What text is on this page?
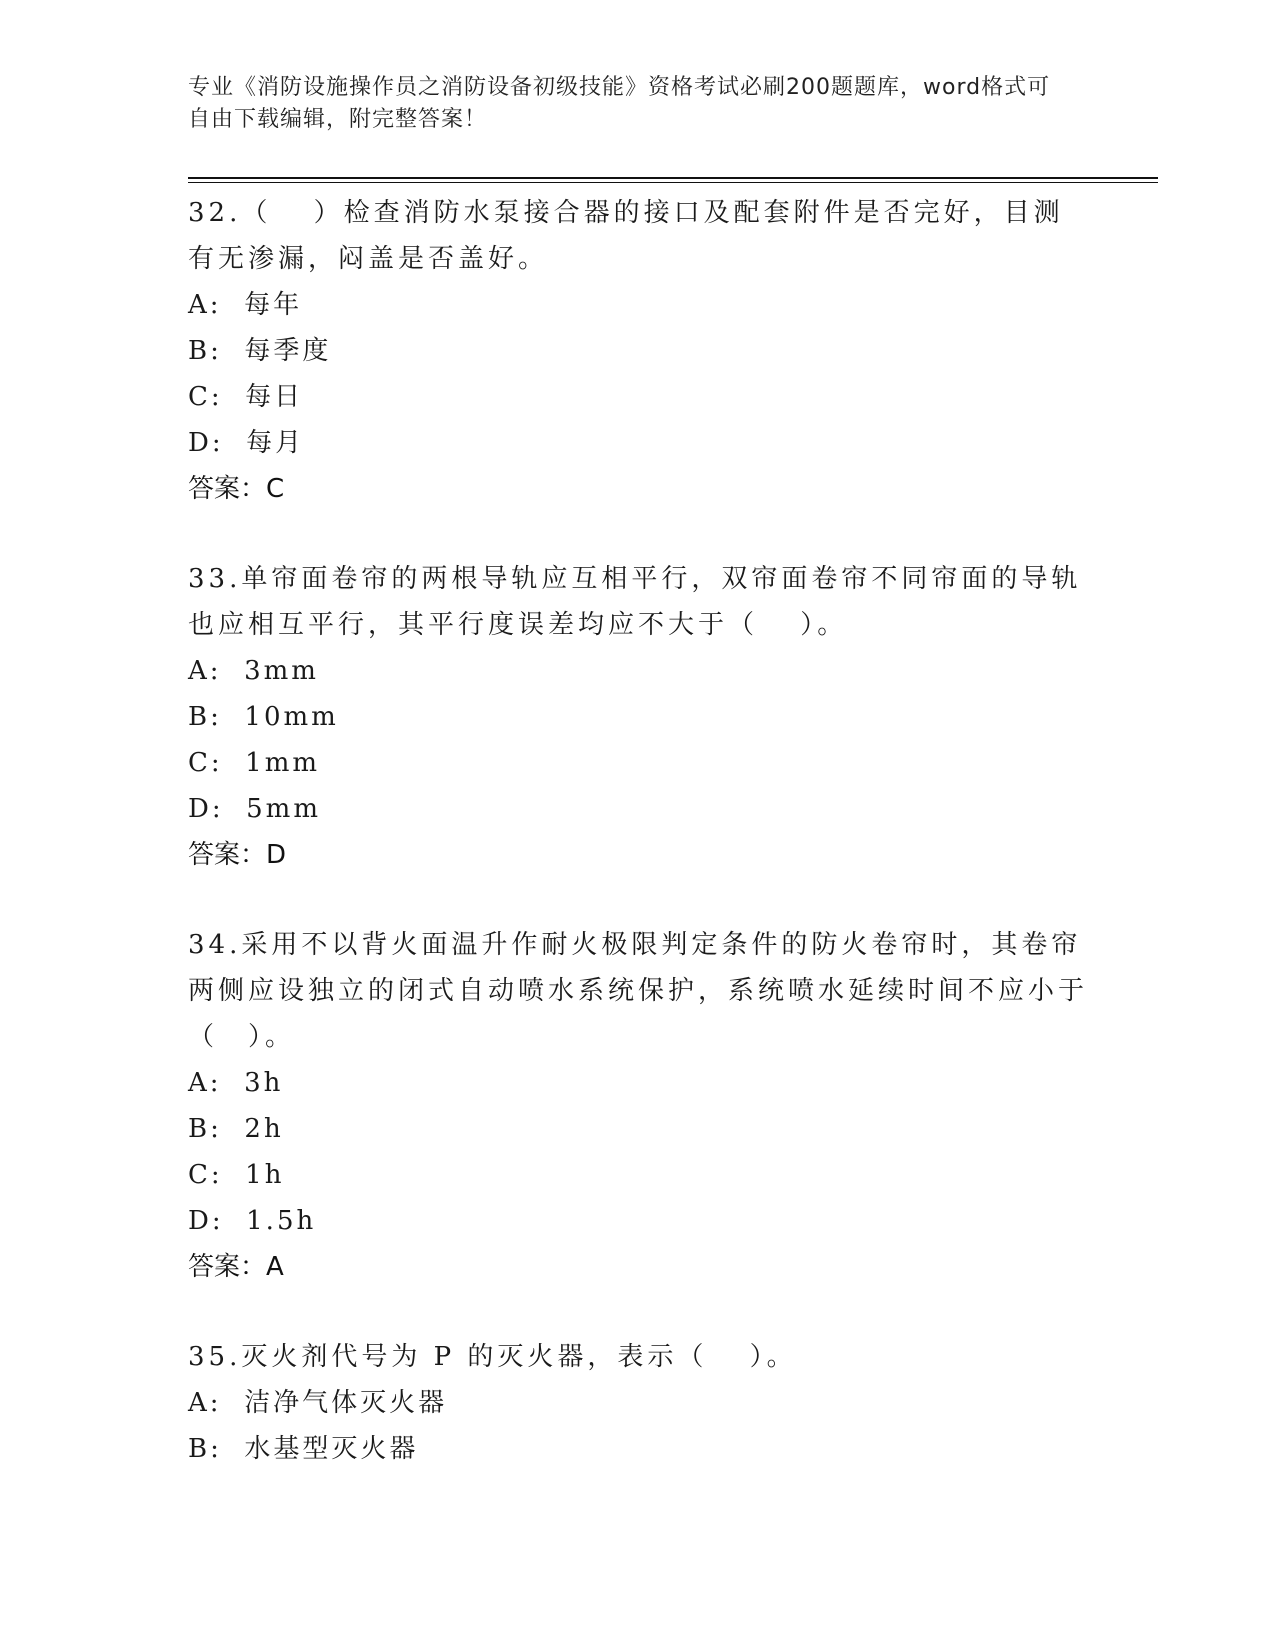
专业《消防设施操作员之消防设备初级技能》资格考试必刷200题题库，word格式可自由下载编辑，附完整答案！

32.（　 ）检查消防水泵接合器的接口及配套附件是否完好，目测有无渗漏，闷盖是否盖好。

A:  每年

B:  每季度

C:  每日

D:  每月

答案：C

33.单帘面卷帘的两根导轨应互相平行，双帘面卷帘不同帘面的导轨也应相互平行，其平行度误差均应不大于（　 ）。

A:  3mm

B:  10mm

C:  1mm

D:  5mm

答案：D

34.采用不以背火面温升作耐火极限判定条件的防火卷帘时，其卷帘两侧应设独立的闭式自动喷水系统保护，系统喷水延续时间不应小于（　）。

A:  3h

B:  2h

C:  1h

D:  1.5h

答案：A

35.灭火剂代号为 P 的灭火器，表示（　 ）。

A:  洁净气体灭火器

B:  水基型灭火器
